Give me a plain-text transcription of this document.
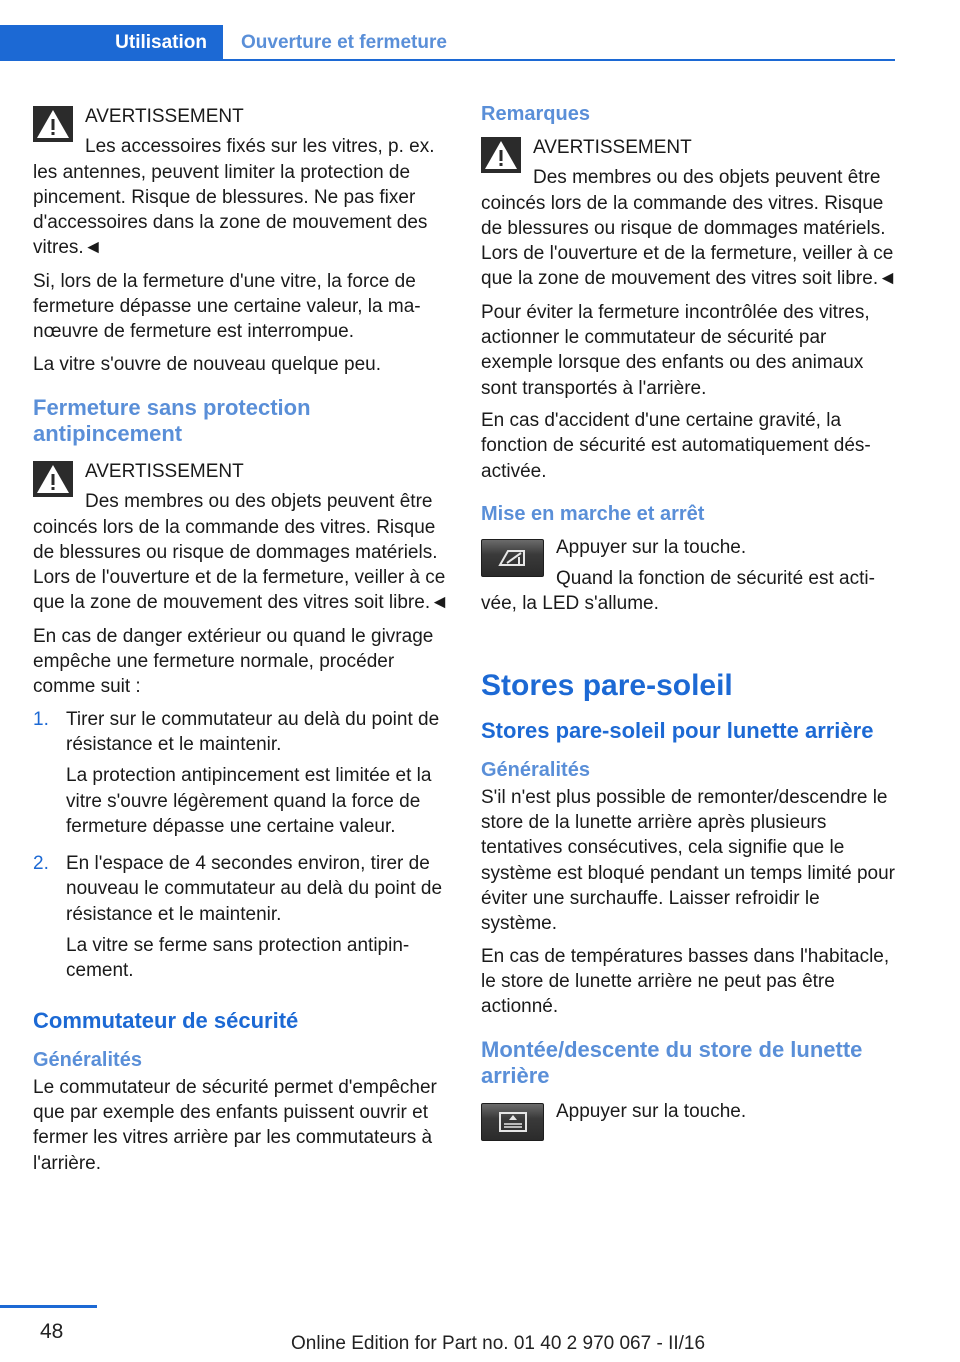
Utilisation	Ouverture et fermeture
AVERTISSEMENT
Les accessoires fixés sur les vitres, p. ex. les antennes, peuvent limiter la protection de pincement. Risque de blessures. Ne pas fixer d'accessoires dans la zone de mouvement des vitres.◄

Si, lors de la fermeture d'une vitre, la force de fermeture dépasse une certaine valeur, la manœuvre de fermeture est interrompue.

La vitre s'ouvre de nouveau quelque peu.

Fermeture sans protection antipincement
AVERTISSEMENT
Des membres ou des objets peuvent être coincés lors de la commande des vitres. Risque de blessures ou risque de dommages matériels. Lors de l'ouverture et de la fermeture, veiller à ce que la zone de mouvement des vitres soit libre.◄

En cas de danger extérieur ou quand le givrage empêche une fermeture normale, procéder comme suit :

1. Tirer sur le commutateur au delà du point de résistance et le maintenir.

La protection antipincement est limitée et la vitre s'ouvre légèrement quand la force de fermeture dépasse une certaine valeur.

2. En l'espace de 4 secondes environ, tirer de nouveau le commutateur au delà du point de résistance et le maintenir.

La vitre se ferme sans protection antipincement.

Commutateur de sécurité
Généralités

Le commutateur de sécurité permet d'empêcher que par exemple des enfants puissent ouvrir et fermer les vitres arrière par les commutateurs à l'arrière.

Remarques
AVERTISSEMENT
Des membres ou des objets peuvent être coincés lors de la commande des vitres. Risque de blessures ou risque de dommages matériels. Lors de l'ouverture et de la fermeture, veiller à ce que la zone de mouvement des vitres soit libre.◄

Pour éviter la fermeture incontrôlée des vitres, actionner le commutateur de sécurité par exemple lorsque des enfants ou des animaux sont transportés à l'arrière.

En cas d'accident d'une certaine gravité, la fonction de sécurité est automatiquement désactivée.

Mise en marche et arrêt
Appuyer sur la touche.

Quand la fonction de sécurité est activée, la LED s'allume.

Stores pare-soleil
Stores pare-soleil pour lunette arrière
Généralités

S'il n'est plus possible de remonter/descendre le store de la lunette arrière après plusieurs tentatives consécutives, cela signifie que le système est bloqué pendant un temps limité pour éviter une surchauffe. Laisser refroidir le système.

En cas de températures basses dans l'habitacle, le store de lunette arrière ne peut pas être actionné.

Montée/descente du store de lunette arrière
Appuyer sur la touche.
48
Online Edition for Part no. 01 40 2 970 067 - II/16
